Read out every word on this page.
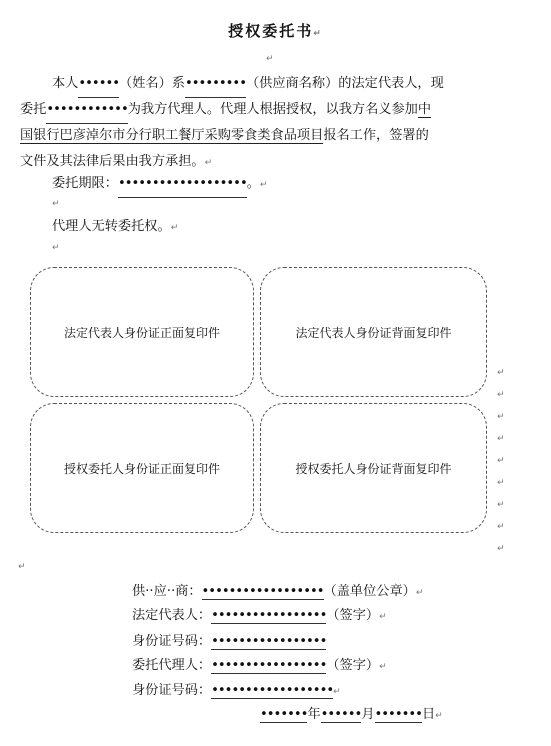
授权委托书↵
↵
本人••••••（姓名）系•••••••••（供应商名称）的法定代表人，现
委托••••••••••••为我方代理人。代理人根据授权，以我方名义参加中
国银行巴彦淖尔市分行职工餐厅采购零食类食品项目报名工作，签署的
文件及其法律后果由我方承担。↵
委托期限：•••••••••••••••••••。↵
↵
代理人无转委托权。↵
↵
法定代表人身份证正面复印件	法定代表人身份证背面复印件
授权委托人身份证正面复印件	授权委托人身份证背面复印件
↵
↵
↵
↵
↵
↵
↵
↵
↵
↵
供··应··商：••••••••••••••••••（盖单位公章）↵
法定代表人：•••••••••••••••••（签字）↵
身份证号码：•••••••••••••••••
委托代理人：•••••••••••••••••（签字）↵
身份证号码：••••••••••••••••••↵
•••••••年••••••月•••••••日↵
